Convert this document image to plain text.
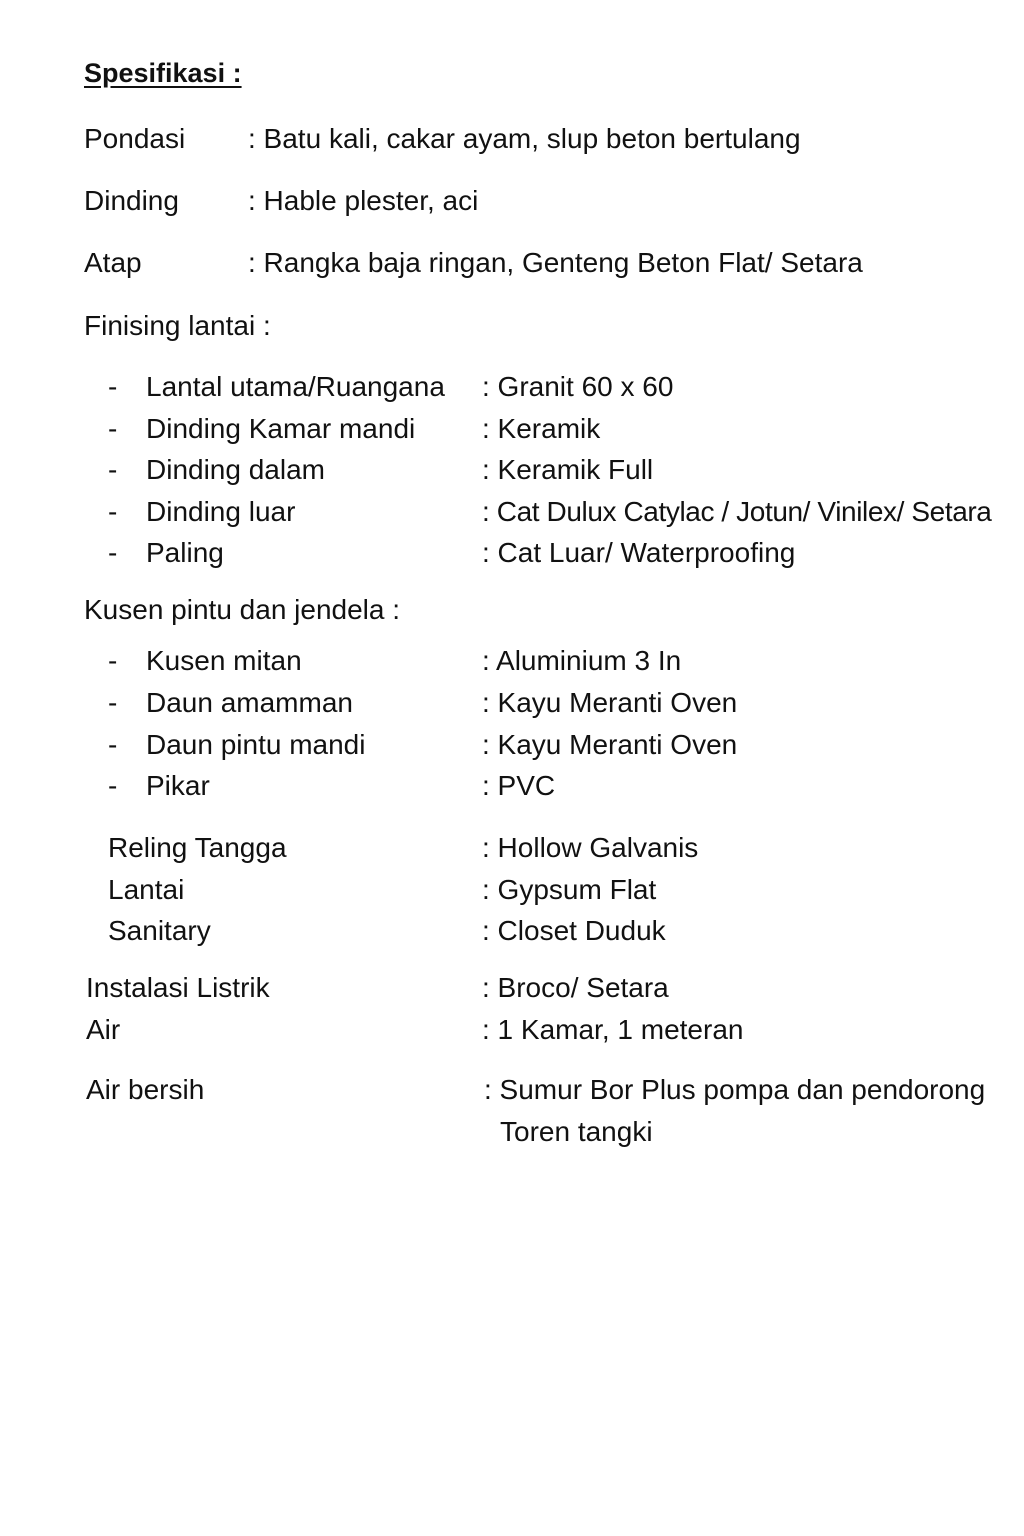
Spesifikasi :
Pondasi : Batu kali, cakar ayam, slup beton bertulang
Dinding : Hable plester, aci
Atap	: Rangka baja ringan, Genteng Beton Flat/ Setara
Finising lantai :
- Lantal utama/Ruangana : Granit 60 x 60
- Dinding Kamar mandi : Keramik
- Dinding dalam	: Keramik Full
- Dinding luar	: Cat Dulux Catylac / Jotun/ Vinilex/ Setara
- Paling	: Cat Luar/ Waterproofing
Kusen pintu dan jendela :
- Kusen mitan	: Aluminium 3 In
- Daun amamman	: Kayu Meranti Oven
- Daun pintu mandi	: Kayu Meranti Oven
- Pikar	: PVC
Reling Tangga	: Hollow Galvanis
Lantai	: Gypsum Flat
Sanitary	: Closet Duduk
Instalasi Listrik	: Broco/ Setara
Air	: 1 Kamar, 1 meteran
Air bersih	: Sumur Bor Plus pompa dan pendorong
Toren tangki
